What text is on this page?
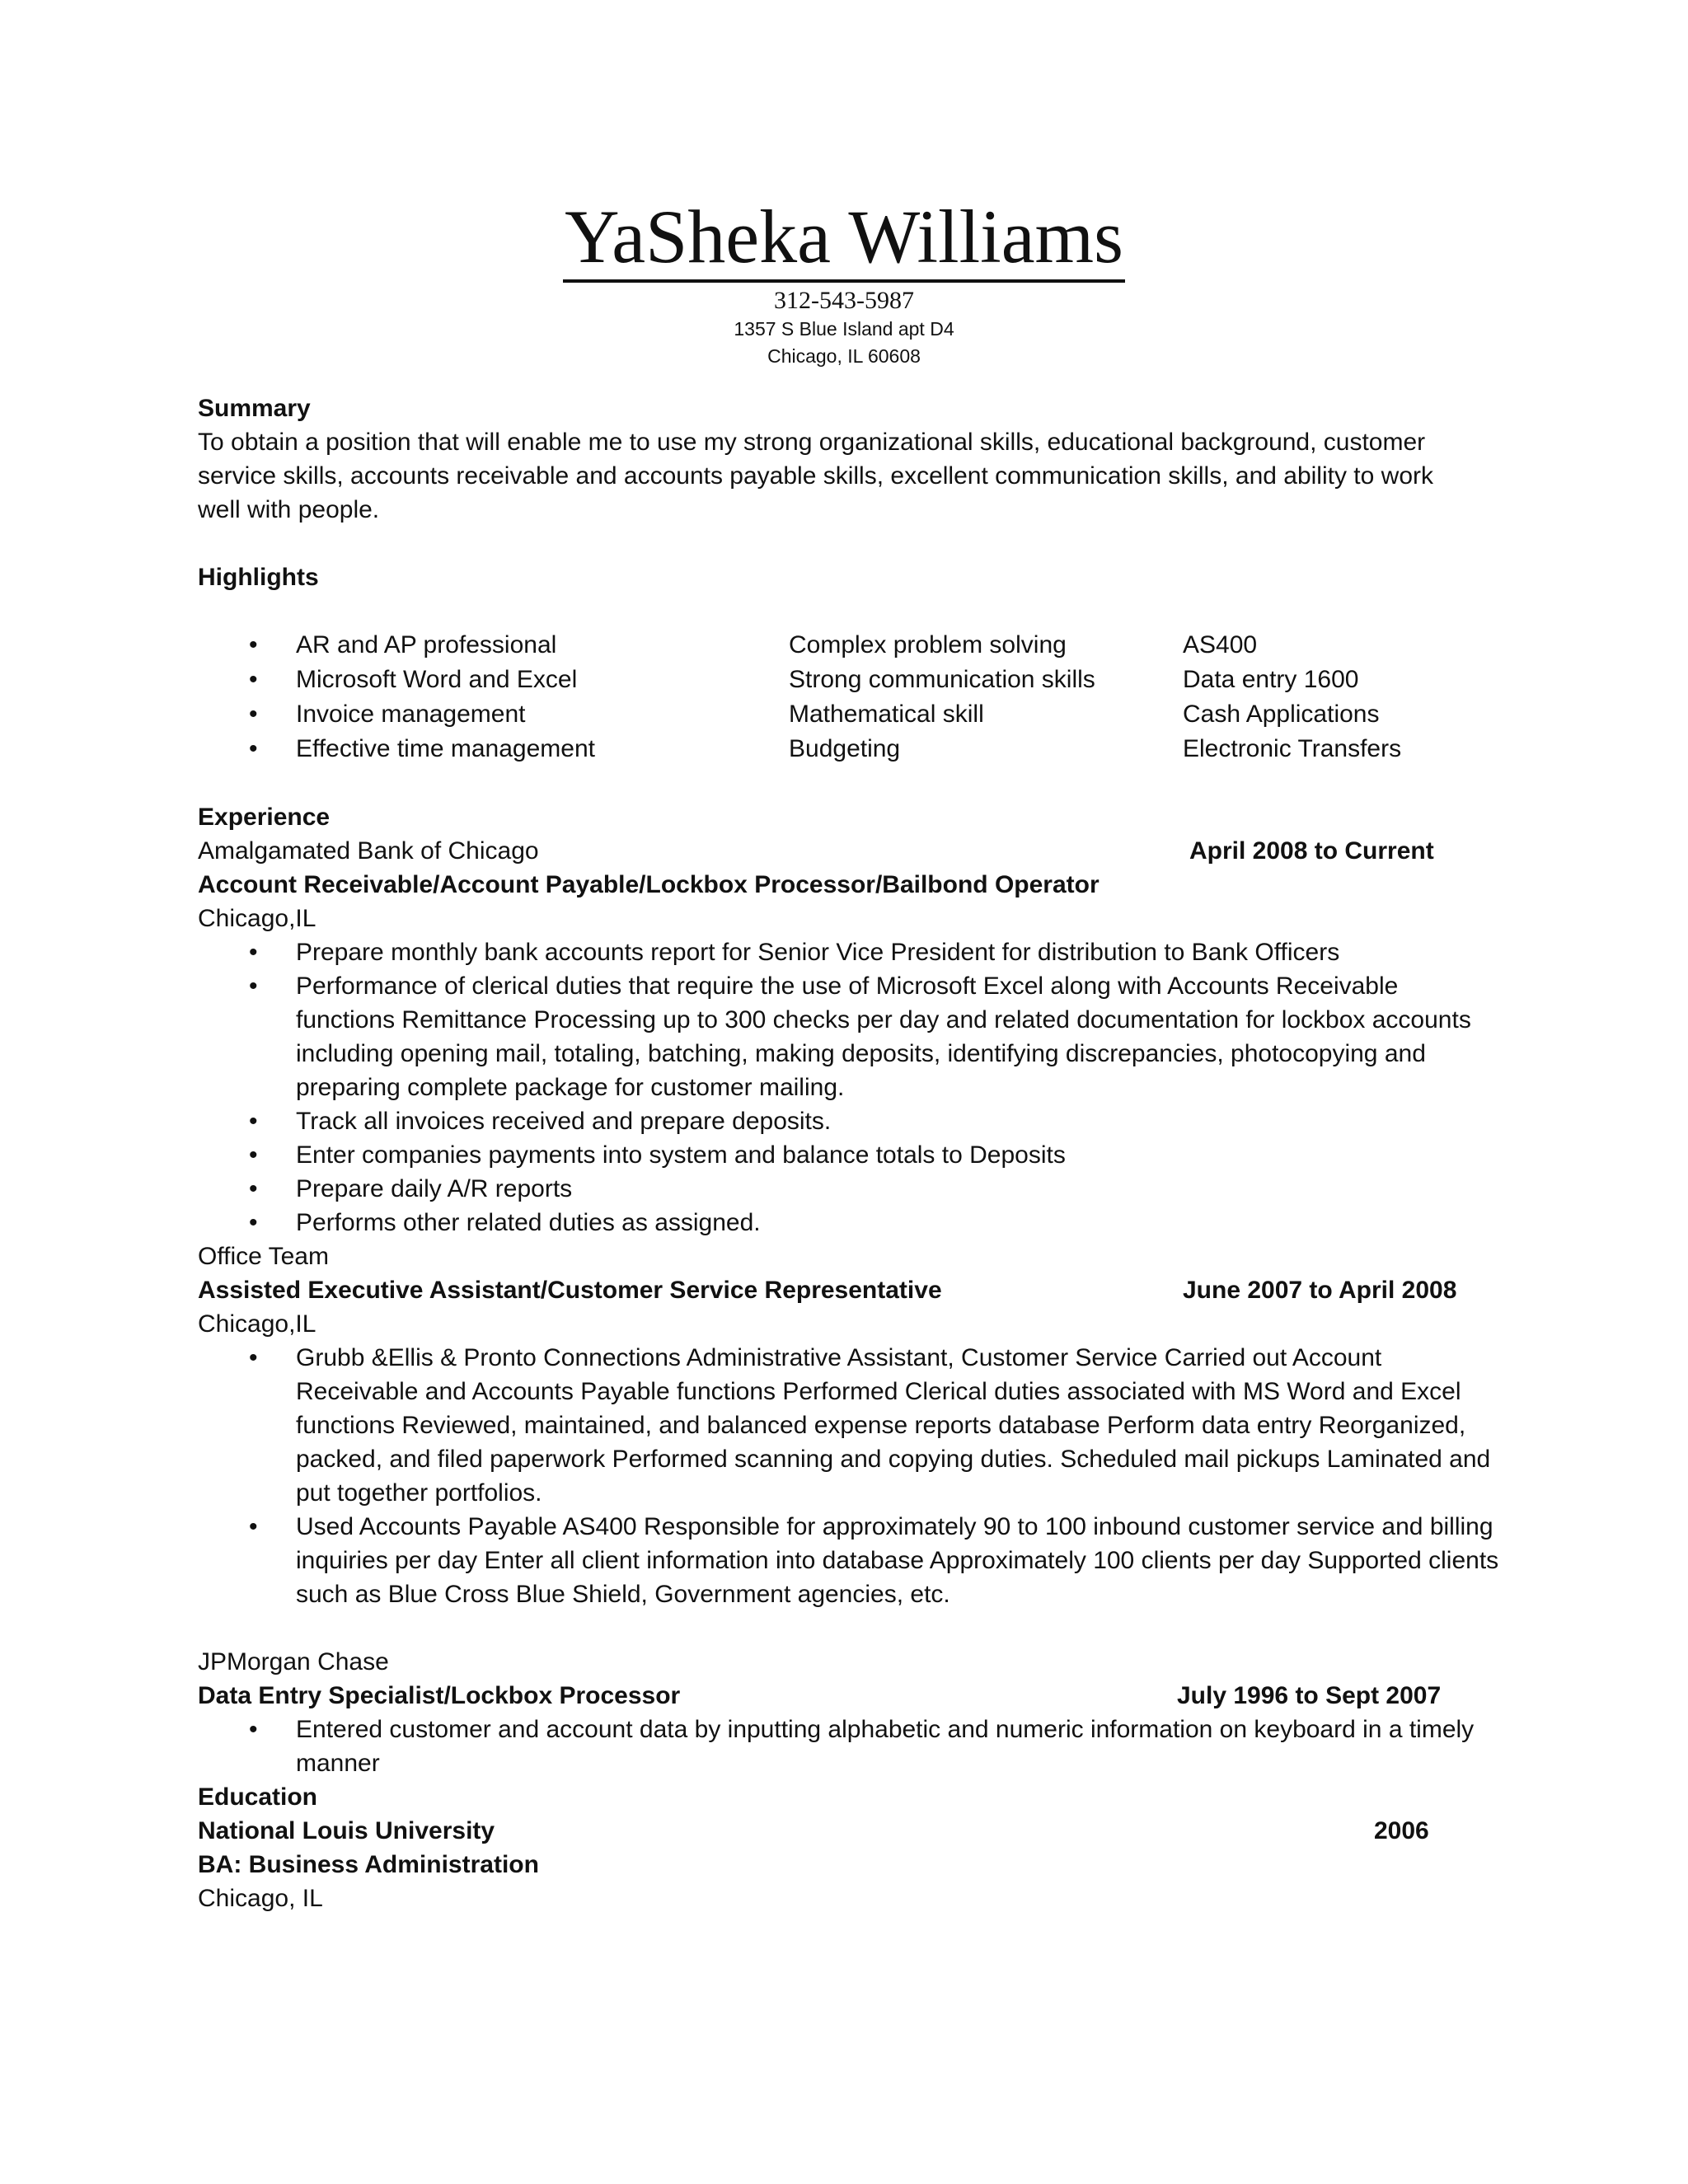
YaSheka Williams
312-543-5987
1357 S Blue Island apt D4
Chicago, IL 60608
Summary
To obtain a position that will enable me to use my strong organizational skills, educational background, customer service skills, accounts receivable and accounts payable skills, excellent communication skills, and ability to work well with people.
Highlights
• AR and AP professional	Complex problem solving	AS400
• Microsoft Word and Excel	Strong communication skills	Data entry 1600
• Invoice management	Mathematical skill	Cash Applications
• Effective time management	Budgeting	Electronic Transfers
Experience
Amalgamated Bank of Chicago	April 2008 to Current
Account Receivable/Account Payable/Lockbox Processor/Bailbond Operator
Chicago,IL
• Prepare monthly bank accounts report for Senior Vice President for distribution to Bank Officers
• Performance of clerical duties that require the use of Microsoft Excel along with Accounts Receivable functions Remittance Processing up to 300 checks per day and related documentation for lockbox accounts including opening mail, totaling, batching, making deposits, identifying discrepancies, photocopying and preparing complete package for customer mailing.
• Track all invoices received and prepare deposits.
• Enter companies payments into system and balance totals to Deposits
• Prepare daily A/R reports
• Performs other related duties as assigned.
Office Team
Assisted Executive Assistant/Customer Service Representative	June 2007 to April 2008
Chicago,IL
• Grubb &Ellis & Pronto Connections Administrative Assistant, Customer Service Carried out Account Receivable and Accounts Payable functions Performed Clerical duties associated with MS Word and Excel functions Reviewed, maintained, and balanced expense reports database Perform data entry Reorganized, packed, and filed paperwork Performed scanning and copying duties. Scheduled mail pickups Laminated and put together portfolios.
• Used Accounts Payable AS400 Responsible for approximately 90 to 100 inbound customer service and billing inquiries per day Enter all client information into database Approximately 100 clients per day Supported clients such as Blue Cross Blue Shield, Government agencies, etc.
JPMorgan Chase
Data Entry Specialist/Lockbox Processor	July 1996 to Sept 2007
• Entered customer and account data by inputting alphabetic and numeric information on keyboard in a timely manner
Education
National Louis University	2006
BA: Business Administration
Chicago, IL
